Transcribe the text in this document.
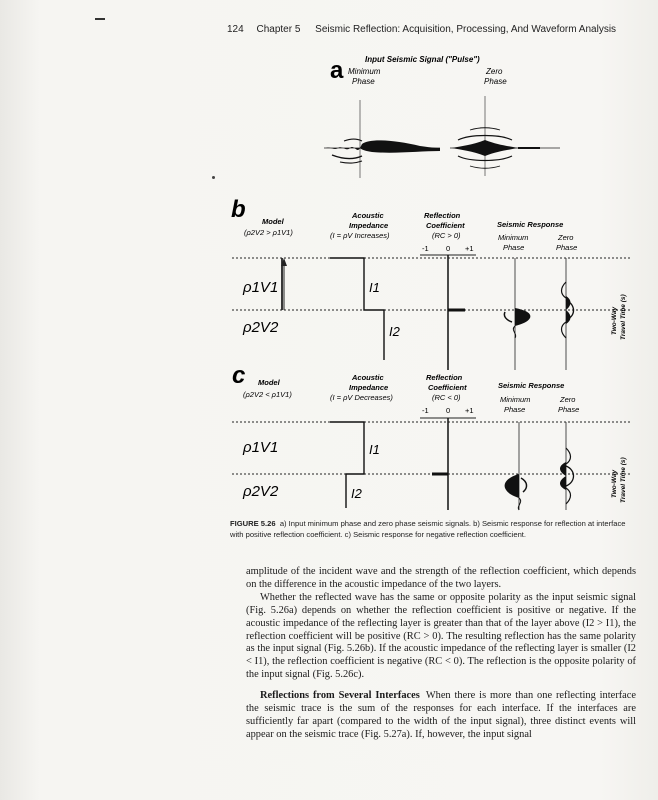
124 Chapter 5 Seismic Reflection: Acquisition, Processing, And Waveform Analysis
a	Input Seismic Signal ("Pulse")
Minimum
Phase
Zero
Phase
b Model
(ρ2V2 > ρ1V1)
Acoustic
Impedance
(I = ρV Increases)
Reflection
Coefficient
(RC > 0)
-1 0 +1
Seismic Response
Minimum
Phase
Zero
Phase
ρ1V1
ρ2V2
I1
I2	Two-Way Travel Time (s)
c Model
(ρ2V2 < ρ1V1)
Acoustic
Impedance
(I = ρV Decreases)
Reflection
Coefficient
(RC < 0)
-1 0 +1
Seismic Response
Minimum
Phase
Zero
Phase
ρ1V1
ρ2V2
I1
I2	Two-Way Travel Time (s)
FIGURE 5.26 a) Input minimum phase and zero phase seismic signals. b) Seismic response for reflection at interface with positive reflection coefficient. c) Seismic response for negative reflection coefficient.

amplitude of the incident wave and the strength of the reflection coefficient, which depends on the difference in the acoustic impedance of the two layers.

Whether the reflected wave has the same or opposite polarity as the input seismic signal (Fig. 5.26a) depends on whether the reflection coefficient is positive or negative. If the acoustic impedance of the reflecting layer is greater than that of the layer above (I2 > I1), the reflection coefficient will be positive (RC > 0). The resulting reflection has the same polarity as the input signal (Fig. 5.26b). If the acoustic impedance of the reflecting layer is smaller (I2 < I1), the reflection coefficient is negative (RC < 0). The reflection is the opposite polarity of the input signal (Fig. 5.26c).

Reflections from Several Interfaces When there is more than one reflecting interface the seismic trace is the sum of the responses for each interface. If the interfaces are sufficiently far apart (compared to the width of the input signal), three distinct events will appear on the seismic trace (Fig. 5.27a). If, however, the input signal
